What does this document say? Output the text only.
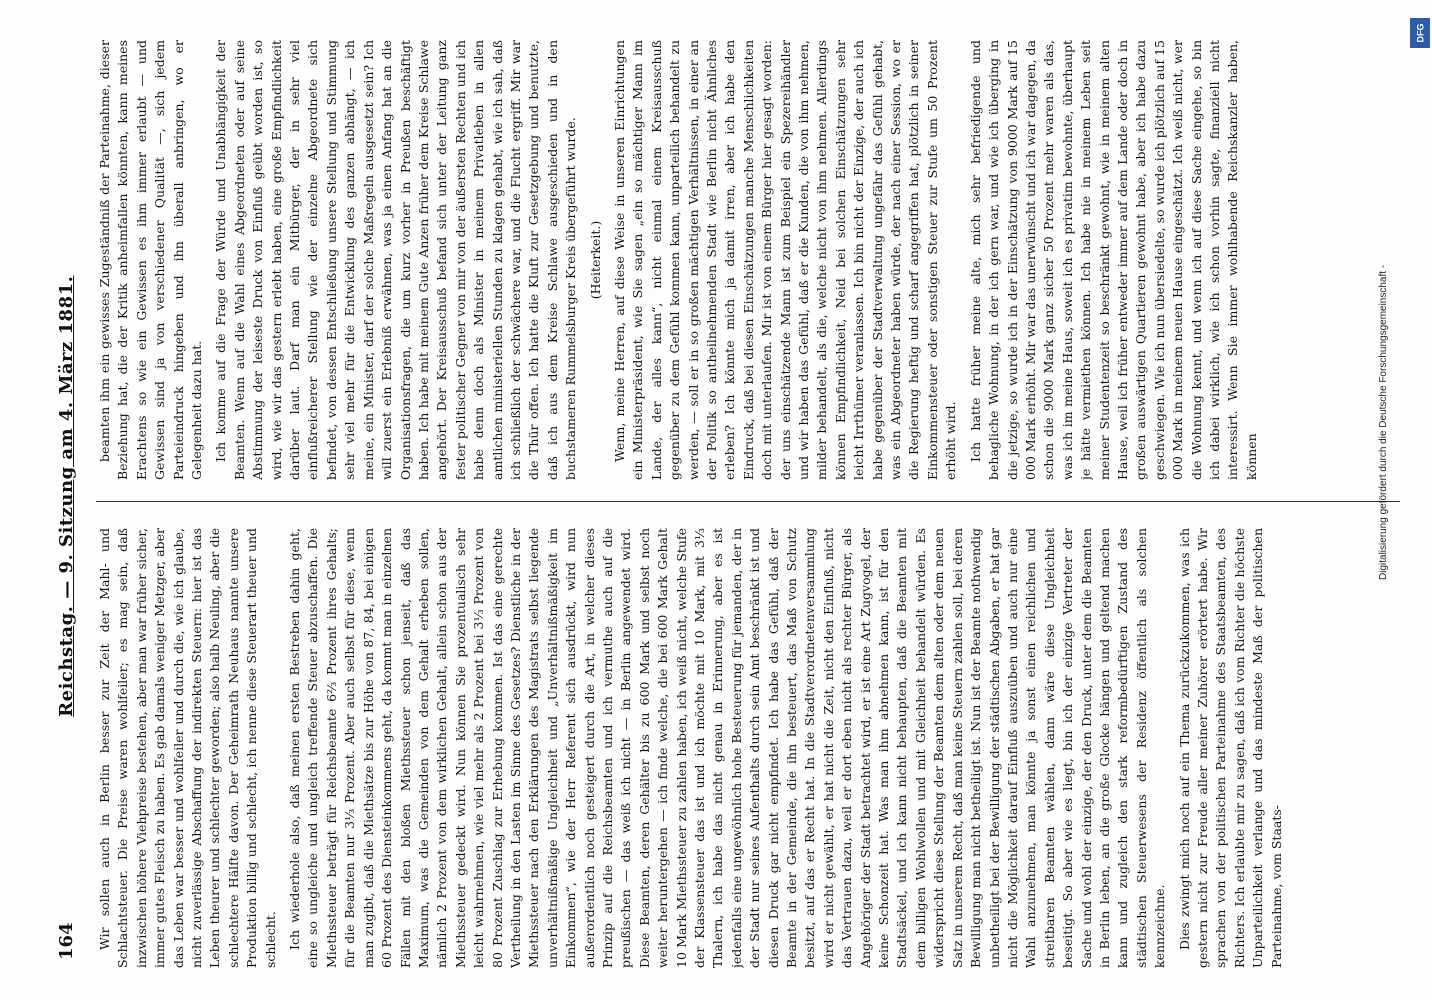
164
Reichstag. — 9. Sitzung am 4. März 1881.

Wir sollen auch in Berlin besser zur Zeit der Mahl- und Schlachtsteuer. Die Preise waren wohlfeiler; es mag sein, daß inzwischen höhere Viehpreise bestehen, aber man war früher sicher, immer gutes Fleisch zu haben. Es gab damals weniger Metzger, aber das Leben war besser und wohlfeiler und durch die, wie ich glaube, nicht zuverlässige Abschaffung der indirekten Steuern: hier ist das Leben theurer und schlechter geworden; also halb Neuling, aber die schlechtere Hälfte davon. Der Geheimrath Neuhaus nannte unsere Produktion billig und schlecht, ich nenne diese Steuerart theuer und schlecht. Ich wiederhole also, daß meinen ersten Bestreben dahin geht, eine so ungleiche und ungleich treffende Steuer abzuschaffen. Die Miethssteuer beträgt für Reichsbeamte 6⅔ Prozent ihres Gehalts; für die Beamten nur 3⅓ Prozent. Aber auch selbst für diese, wenn man zugibt, daß die Miethsätze bis zur Höhe von 87, 84, bei einigen 60 Prozent des Diensteinkommens geht, da kommt man in einzelnen Fällen mit den bloßen Miethssteuer schon jenseit, daß das Maximum, was die Gemeinden von dem Gehalt erheben sollen, nämlich 2 Prozent von dem wirklichen Gehalt, allein schon aus der Miethssteuer gedeckt wird. Nun können Sie prozentualisch sehr leicht wahrnehmen, wie viel mehr als 2 Prozent bei 3⅓ Prozent von 80 Prozent Zuschlag zur Erhebung kommen. Ist das eine gerechte Vertheilung in den Lasten im Sinne des Gesetzes? Dienstliche in der Miethssteuer nach den Erklärungen des Magistrats selbst liegende unverhältnißmäßige Ungleichheit und „Unverhältnißmäßigkeit im Einkommen“, wie der Herr Referent sich ausdrückt, wird nun außerordentlich noch gesteigert durch die Art, in welcher dieses Prinzip auf die Reichsbeamten und ich vermuthe auch auf die preußischen — das weiß ich nicht — in Berlin angewendet wird. Diese Beamten, deren Gehälter bis zu 600 Mark und selbst noch weiter heruntergehen — ich finde welche, die bei 600 Mark Gehalt 10 Mark Miethssteuer zu zahlen haben, ich weiß nicht, welche Stufe der Klassensteuer das ist und ich möchte mit 10 Mark, mit 3⅓ Thalern, ich habe das nicht genau in Erinnerung, aber es ist jedenfalls eine ungewöhnlich hohe Besteuerung für jemanden, der in der Stadt nur seines Aufenthalts durch sein Amt beschränkt ist und diesen Druck gar nicht empfindet. Ich habe das Gefühl, daß der Beamte in der Gemeinde, die ihn besteuert, das Maß von Schutz besitzt, auf das er Recht hat. In die Stadtverordnetenversammlung wird er nicht gewählt, er hat nicht die Zeit, nicht den Einfluß, nicht das Vertrauen dazu, weil er dort eben nicht als rechter Bürger, als Angehöriger der Stadt betrachtet wird, er ist eine Art Zugvogel, der keine Schonzeit hat. Was man ihm abnehmen kann, ist für den Stadtsäckel, und ich kann nicht behaupten, daß die Beamten mit dem billigen Wohlwollen und mit Gleichheit behandelt würden. Es widerspricht diese Stellung der Beamten dem alten oder dem neuen Satz in unserem Recht, daß man keine Steuern zahlen soll, bei deren Bewilligung man nicht betheiligt ist. Nun ist der Beamte nothwendig unbetheiligt bei der Bewilligung der städtischen Abgaben, er hat gar nicht die Möglichkeit darauf Einfluß auszuüben und auch nur eine Wahl anzunehmen, man könnte ja sonst einen reichlichen und streitbaren Beamten wählen, dann wäre diese Ungleichheit beseitigt. So aber wie es liegt, bin ich der einzige Vertreter der Sache und wohl der einzige, der den Druck, unter dem die Beamten in Berlin leben, an die große Glocke hängen und geltend machen kann und zugleich den stark reformbedürftigen Zustand des städtischen Steuerwesens der Residenz öffentlich als solchen kennzeichne. Dies zwingt mich noch auf ein Thema zurückzukommen, was ich gestern nicht zur Freude aller meiner Zuhörer erörtert habe. Wir sprachen von der politischen Parteinahme des Staatsbeamten, des Richters. Ich erlaubte mir zu sagen, daß ich vom Richter die höchste Unparteilichkeit verlange und das mindeste Maß der politischen Parteinahme, vom Staats-

beamten ihm ein gewisses Zugeständniß der Parteinahme, dieser Beziehung hat, die der Kritik anheimfallen könnten, kann meines Erachtens so wie ein Gewissen es ihm immer erlaubt — und Gewissen sind ja von verschiedener Qualität —, sich jedem Parteieindruck hingeben und ihn überall anbringen, wo er Gelegenheit dazu hat. Ich komme auf die Frage der Würde und Unabhängigkeit der Beamten. Wenn auf die Wahl eines Abgeordneten oder auf seine Abstimmung der leiseste Druck von Einfluß geübt worden ist, so wird, wie wir das gestern erlebt haben, eine große Empfindlichkeit darüber laut. Darf man ein Mitbürger, der in sehr viel einflußreicherer Stellung wie der einzelne Abgeordnete sich befindet, von dessen Entschließung unsere Stellung und Stimmung sehr viel mehr für die Entwicklung des ganzen abhängt, — ich meine, ein Minister, darf der solche Maßregeln ausgesetzt sein? Ich will zuerst ein Erlebniß erwähnen, was ja einen Anfang hat an die Organisationsfragen, die um kurz vorher in Preußen beschäftigt haben. Ich habe mit meinem Gute Anzen früher dem Kreise Schlawe angehört. Der Kreisausschuß befand sich unter der Leitung ganz fester politischer Gegner von mir von der äußersten Rechten und ich habe denn doch als Minister in meinem Privatleben in allen amtlichen ministeriellen Stunden zu klagen gehabt, wie ich sah, daß ich schließlich der schwächere war, und die Flucht ergriff. Mir war die Thür offen. Ich hatte die Kluft zur Gesetzgebung und benutzte, daß ich aus dem Kreise Schlawe ausgeschieden und in den buchstameren Rummelsburger Kreis übergeführt wurde. (Heiterkeit.) Wenn, meine Herren, auf diese Weise in unseren Einrichtungen ein Ministerpräsident, wie Sie sagen „ein so mächtiger Mann im Lande, der alles kann“, nicht einmal einem Kreisausschuß gegenüber zu dem Gefühl kommen kann, unparteilich behandelt zu werden, — soll er in so großen mächtigen Verhältnissen, in einer an der Politik so antheilnehmenden Stadt wie Berlin nicht Ähnliches erleben? Ich könnte mich ja damit irren, aber ich habe den Eindruck, daß bei diesen Einschätzungen manche Menschlichkeiten doch mit unterlaufen. Mir ist von einem Bürger hier gesagt worden: der uns einschätzende Mann ist zum Beispiel ein Spezereihändler und wir haben das Gefühl, daß er die Kunden, die von ihm nehmen, milder behandelt, als die, welche nicht von ihm nehmen. Allerdings können Empfindlichkeit, Neid bei solchen Einschätzungen sehr leicht Irrthümer veranlassen. Ich bin nicht der Einzige, der auch ich habe gegenüber der Stadtverwaltung ungefähr das Gefühl gehabt, was ein Abgeordneter haben würde, der nach einer Session, wo er die Regierung heftig und scharf angegriffen hat, plötzlich in seiner Einkommensteuer oder sonstigen Steuer zur Stufe um 50 Prozent erhöht wird. Ich hatte früher meine alte, mich sehr befriedigende und behagliche Wohnung, in der ich gern war, und wie ich überging in die jetzige, so wurde ich in der Einschätzung von 9000 Mark auf 15 000 Mark erhöht. Mir war das unerwünscht und ich war dagegen, da schon die 9000 Mark ganz sicher 50 Prozent mehr waren als das, was ich im meine Haus, soweit ich es privatim bewohnte, überhaupt je hätte vermiethen können. Ich habe nie in meinem Leben seit meiner Studentenzeit so beschränkt gewohnt, wie in meinem alten Hause, weil ich früher entweder immer auf dem Lande oder doch in großen auswärtigen Quartieren gewohnt habe, aber ich habe dazu geschwiegen. Wie ich nun übersiedelte, so wurde ich plötzlich auf 15 000 Mark in meinem neuen Hause eingeschätzt. Ich weiß nicht, wer die Wohnung kennt, und wenn ich auf diese Sache eingehe, so bin ich dabei wirklich, wie ich schon vorhin sagte, finanziell nicht interessirt. Wenn Sie immer wohlhabende Reichskanzler haben, können	Digitalisierung gefördert durch die Deutsche Forschungsgemeinschaft -
DFG
